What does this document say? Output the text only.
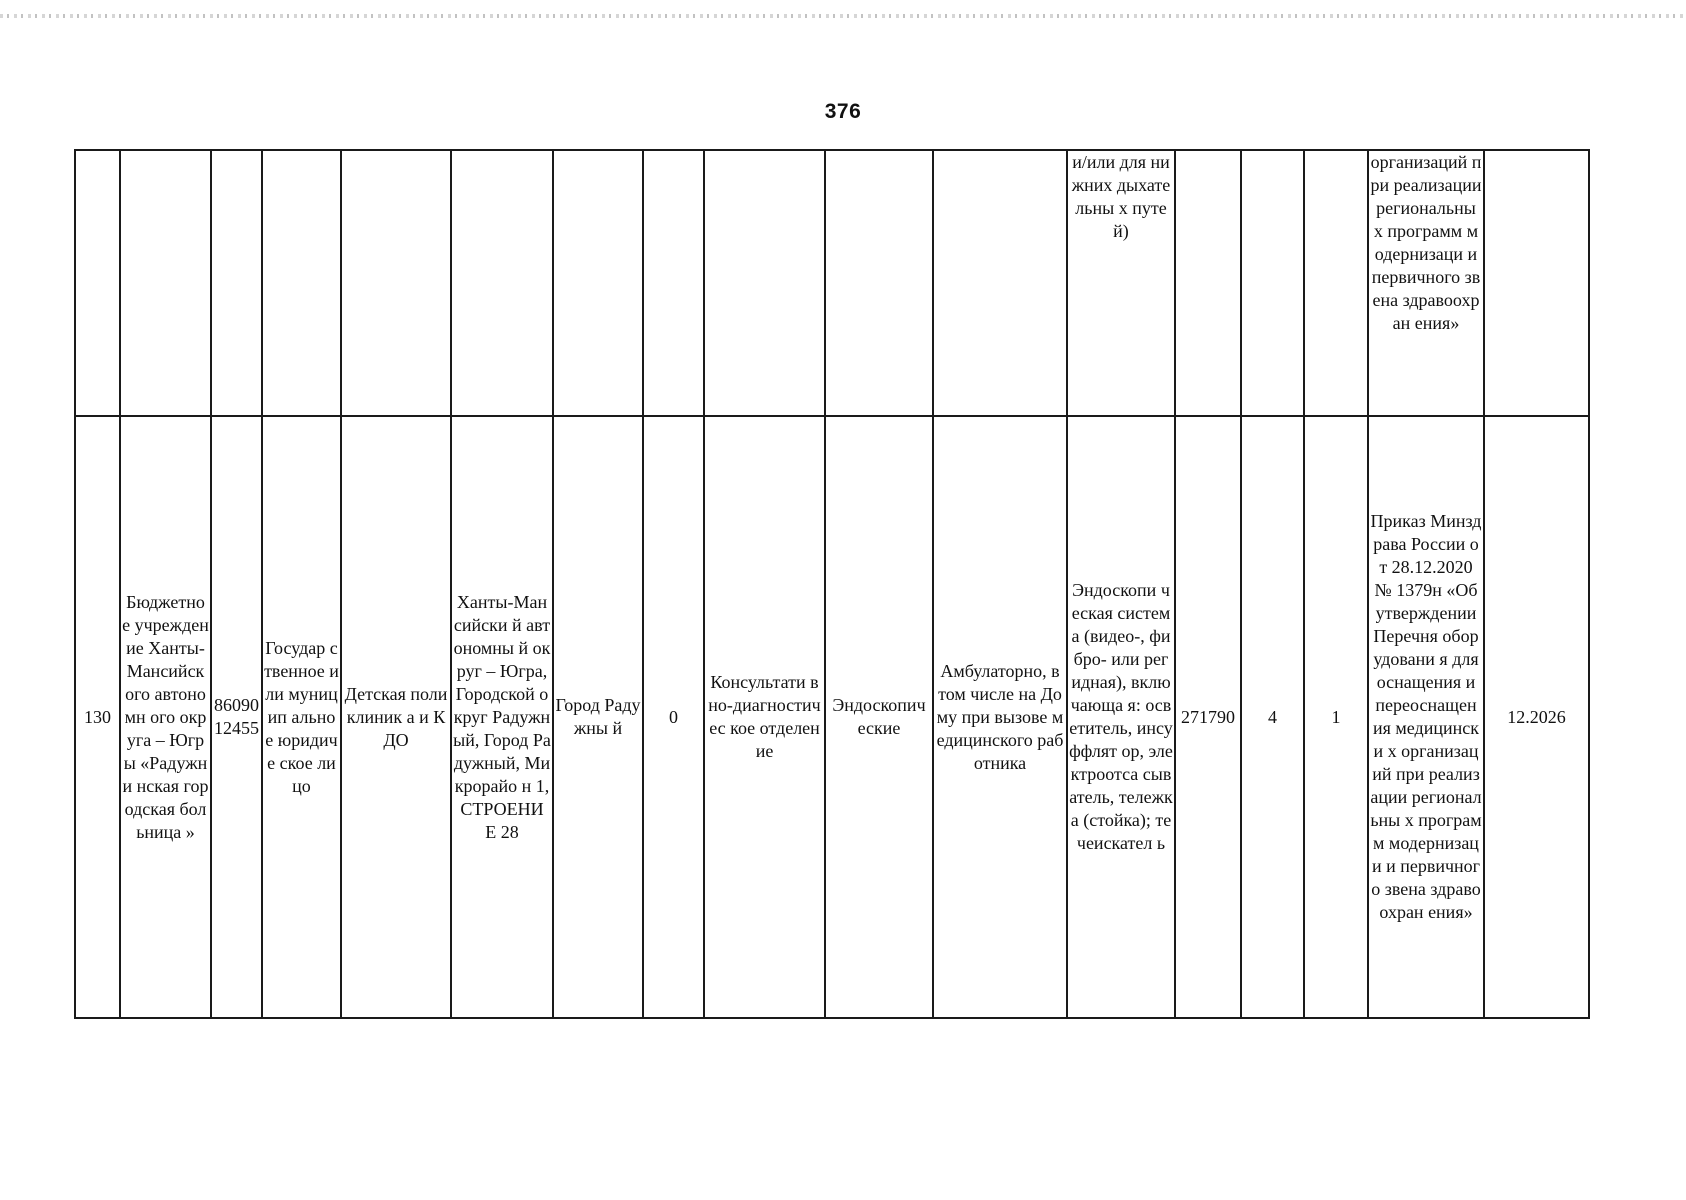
376

											и/или для нижних дыхательны х путей)				организаций при реализации региональны х программ модернизаци и первичного звена здравоохран ения»	

130	Бюджетно е учрежден ие Ханты-Мансийск ого автономн ого округа – Югры «Радужни нская городская больница »	86090 12455	Государ ственное или муницип альное юридиче ское лицо	Детская поликлиник а и КДО	Ханты-Мансийски й автономны й округ – Югра, Городской округ Радужный, Город Радужный, Микрорайо н 1, СТРОЕНИ Е 28	Город Радужны й	0	Консультати вно-диагностичес кое отделение	Эндоскопич еские	Амбулаторно, в том числе на Дому при вызове медицинского работника	Эндоскопи ческая система (видео-, фибро- или регидная), включающа я: осветитель, инсуффлят ор, электроотса сыватель, тележка (стойка); течеискател ь	271790	4	1	Приказ Минздрава России от 28.12.2020 № 1379н «Об утверждении Перечня оборудовани я для оснащения и переоснащен ия медицински х организаций при реализации региональны х программ модернизаци и первичного звена здравоохран ения»	12.2026
